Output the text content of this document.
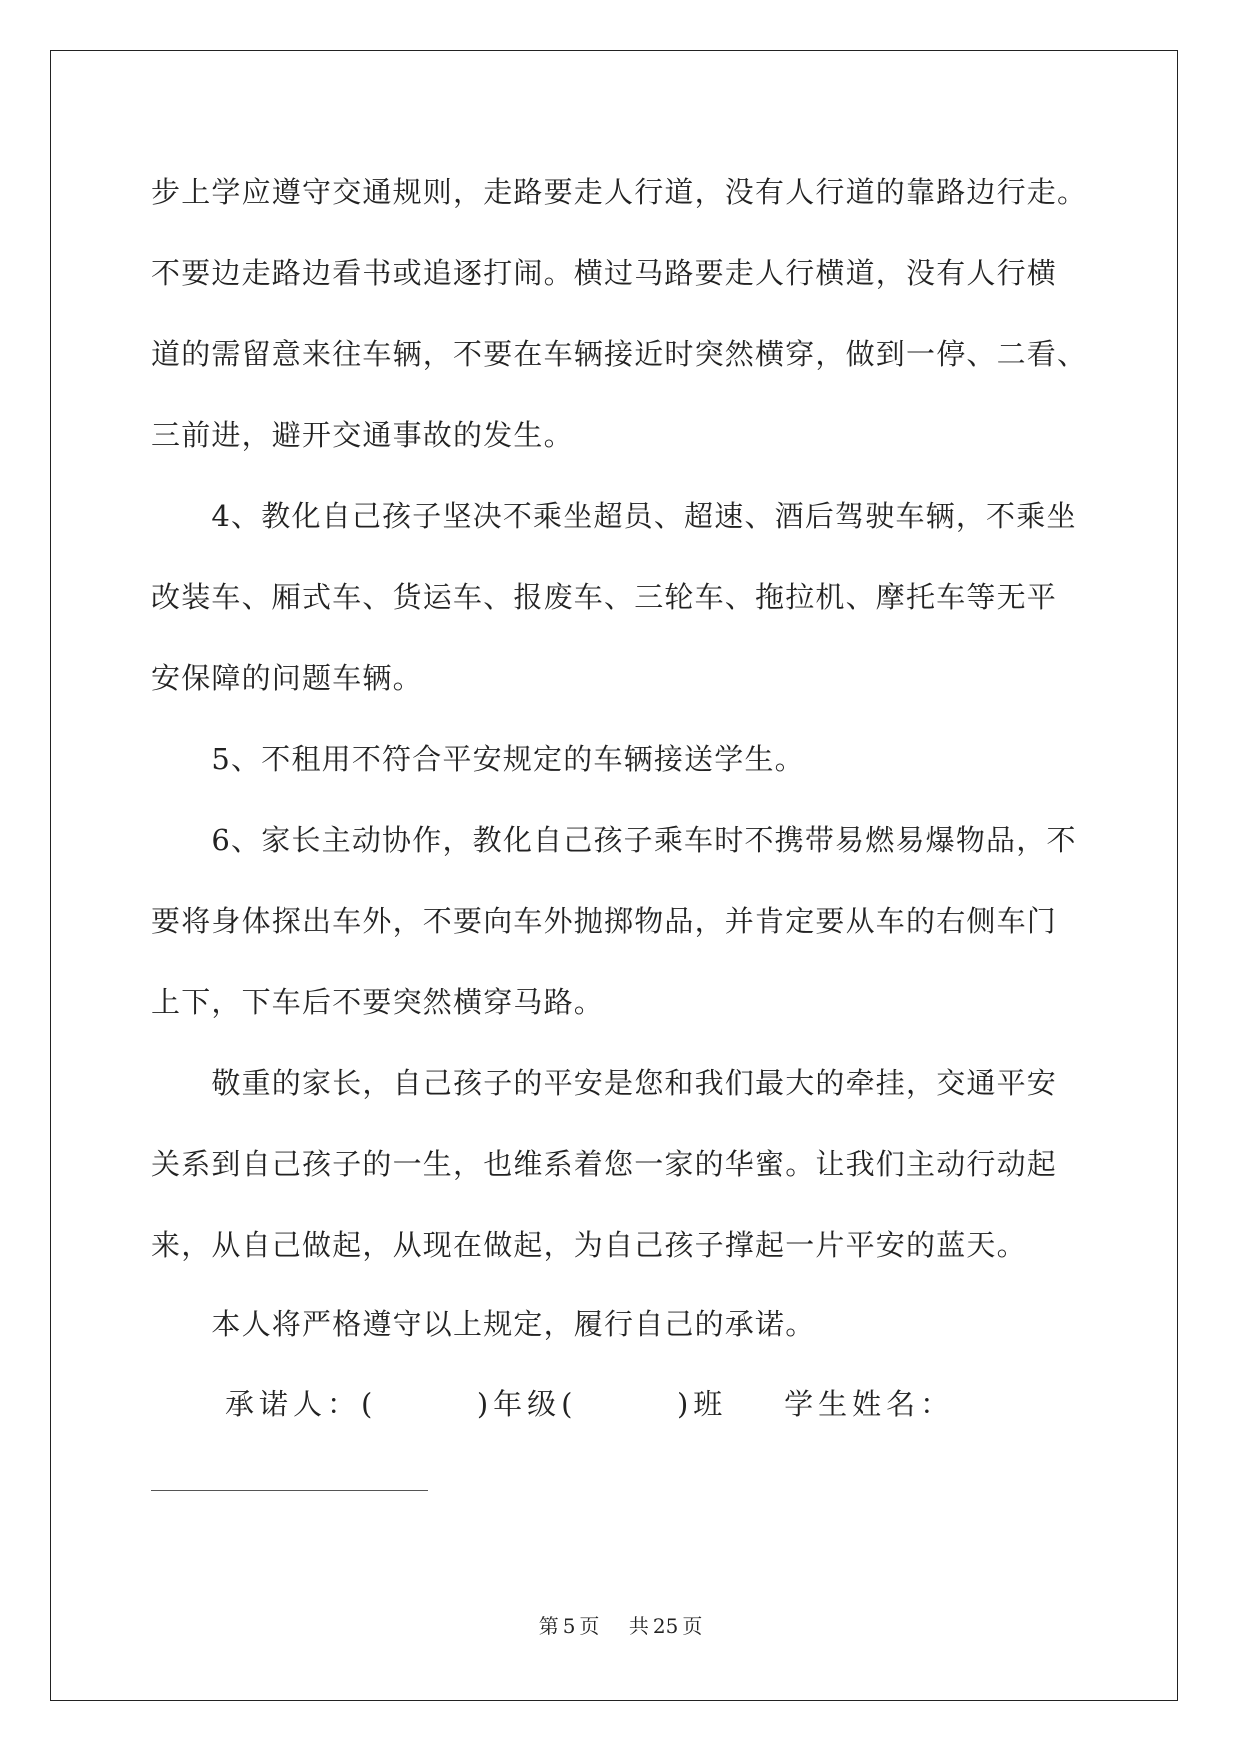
步上学应遵守交通规则，走路要走人行道，没有人行道的靠路边行走。
不要边走路边看书或追逐打闹。横过马路要走人行横道，没有人行横
道的需留意来往车辆，不要在车辆接近时突然横穿，做到一停、二看、
三前进，避开交通事故的发生。
　　4、教化自己孩子坚决不乘坐超员、超速、酒后驾驶车辆，不乘坐
改装车、厢式车、货运车、报废车、三轮车、拖拉机、摩托车等无平
安保障的问题车辆。
　　5、不租用不符合平安规定的车辆接送学生。
　　6、家长主动协作，教化自己孩子乘车时不携带易燃易爆物品，不
要将身体探出车外，不要向车外抛掷物品，并肯定要从车的右侧车门
上下，下车后不要突然横穿马路。
　　敬重的家长，自己孩子的平安是您和我们最大的牵挂，交通平安
关系到自己孩子的一生，也维系着您一家的华蜜。让我们主动行动起
来，从自己做起，从现在做起，为自己孩子撑起一片平安的蓝天。
　　本人将严格遵守以上规定，履行自己的承诺。
承诺人：(       )年级(       )班    学生姓名：
第 5 页 共 25 页
